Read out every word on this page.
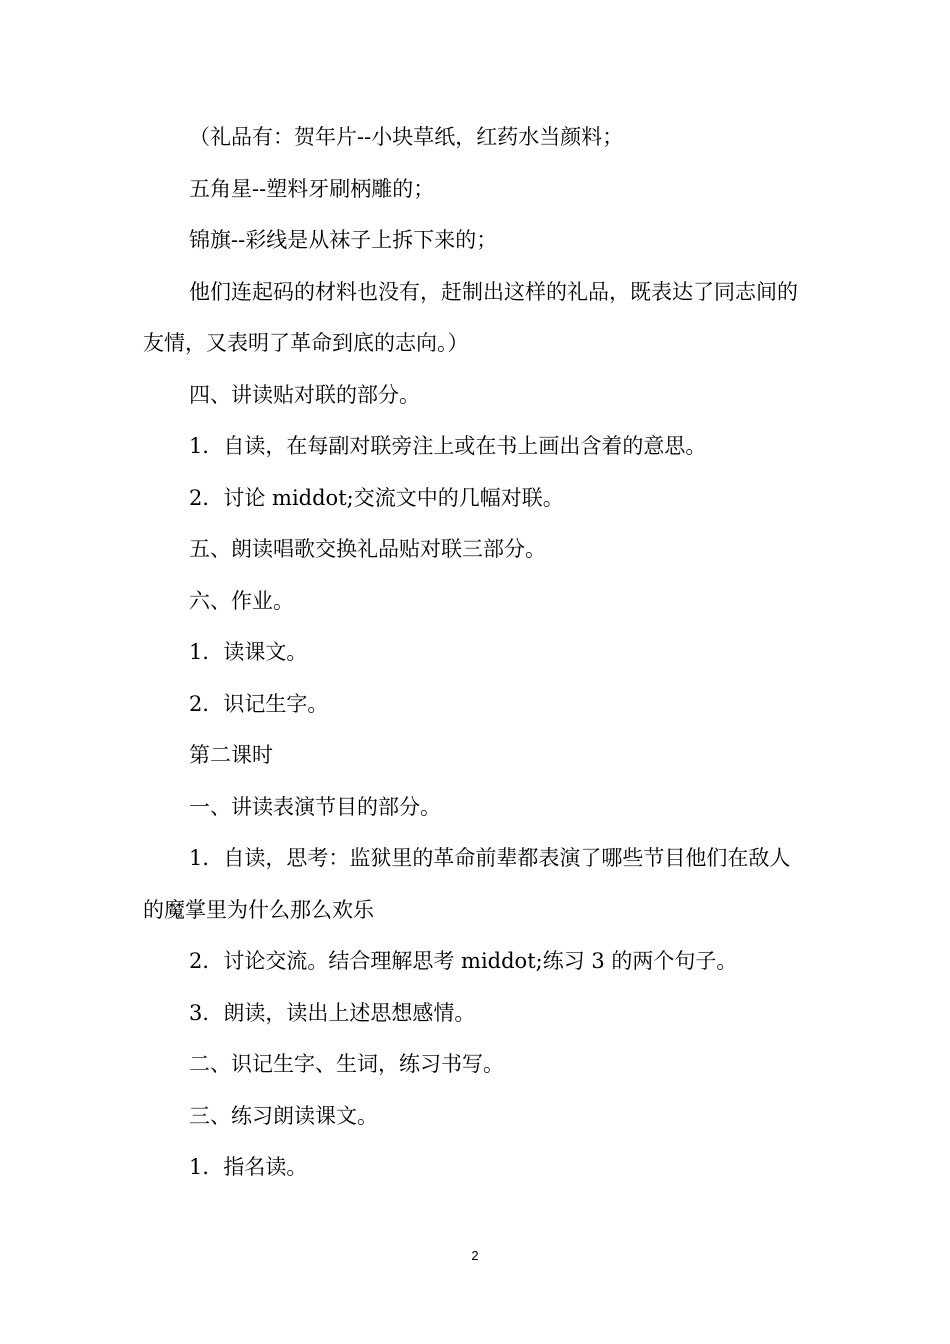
（礼品有：贺年片--小块草纸，红药水当颜料；

五角星--塑料牙刷柄雕的；

锦旗--彩线是从袜子上拆下来的；

他们连起码的材料也没有，赶制出这样的礼品，既表达了同志间的友情，又表明了革命到底的志向。）

四、讲读贴对联的部分。

1．自读，在每副对联旁注上或在书上画出含着的意思。

2．讨论 middot;交流文中的几幅对联。

五、朗读唱歌交换礼品贴对联三部分。

六、作业。

1．读课文。

2．识记生字。

第二课时

一、讲读表演节目的部分。

1．自读，思考：监狱里的革命前辈都表演了哪些节目他们在敌人的魔掌里为什么那么欢乐

2．讨论交流。结合理解思考 middot;练习 3 的两个句子。

3．朗读，读出上述思想感情。

二、识记生字、生词，练习书写。

三、练习朗读课文。

1．指名读。

2
